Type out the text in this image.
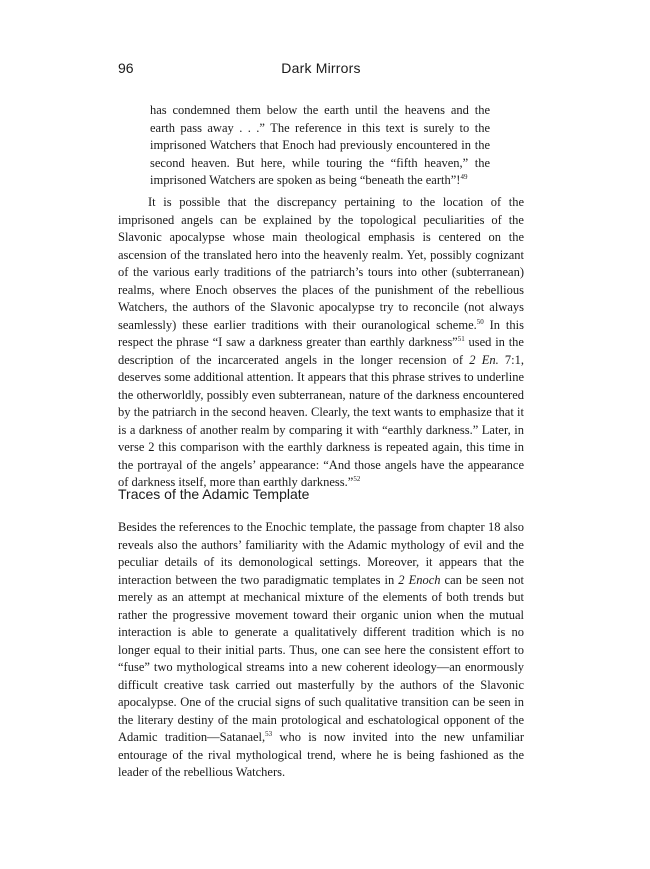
96	Dark Mirrors

has condemned them below the earth until the heavens and the earth pass away . . .” The reference in this text is surely to the imprisoned Watchers that Enoch had previously encountered in the second heaven. But here, while touring the “fifth heaven,” the imprisoned Watchers are spoken as being “beneath the earth”!$^{49}$

It is possible that the discrepancy pertaining to the location of the imprisoned angels can be explained by the topological peculiarities of the Slavonic apocalypse whose main theological emphasis is centered on the ascension of the translated hero into the heavenly realm. Yet, possibly cognizant of the various early traditions of the patriarch’s tours into other (subterranean) realms, where Enoch observes the places of the punishment of the rebellious Watchers, the authors of the Slavonic apocalypse try to reconcile (not always seamlessly) these earlier traditions with their ouranological scheme.$^{50}$ In this respect the phrase “I saw a darkness greater than earthly darkness”$^{51}$ used in the description of the incarcerated angels in the longer recension of 2 En. 7:1, deserves some additional attention. It appears that this phrase strives to underline the otherworldly, possibly even subterranean, nature of the darkness encountered by the patriarch in the second heaven. Clearly, the text wants to emphasize that it is a darkness of another realm by comparing it with “earthly darkness.” Later, in verse 2 this comparison with the earthly darkness is repeated again, this time in the portrayal of the angels’ appearance: “And those angels have the appearance of darkness itself, more than earthly darkness.”$^{52}$

Traces of the Adamic Template

Besides the references to the Enochic template, the passage from chapter 18 also reveals also the authors’ familiarity with the Adamic mythology of evil and the peculiar details of its demonological settings. Moreover, it appears that the interaction between the two paradigmatic templates in 2 Enoch can be seen not merely as an attempt at mechanical mixture of the elements of both trends but rather the progressive movement toward their organic union when the mutual interaction is able to generate a qualitatively different tradition which is no longer equal to their initial parts. Thus, one can see here the consistent effort to “fuse” two mythological streams into a new coherent ideology—an enormously difficult creative task carried out masterfully by the authors of the Slavonic apocalypse. One of the crucial signs of such qualitative transition can be seen in the literary destiny of the main protological and eschatological opponent of the Adamic tradition—Satanael,$^{53}$ who is now invited into the new unfamiliar entourage of the rival mythological trend, where he is being fashioned as the leader of the rebellious Watchers.
